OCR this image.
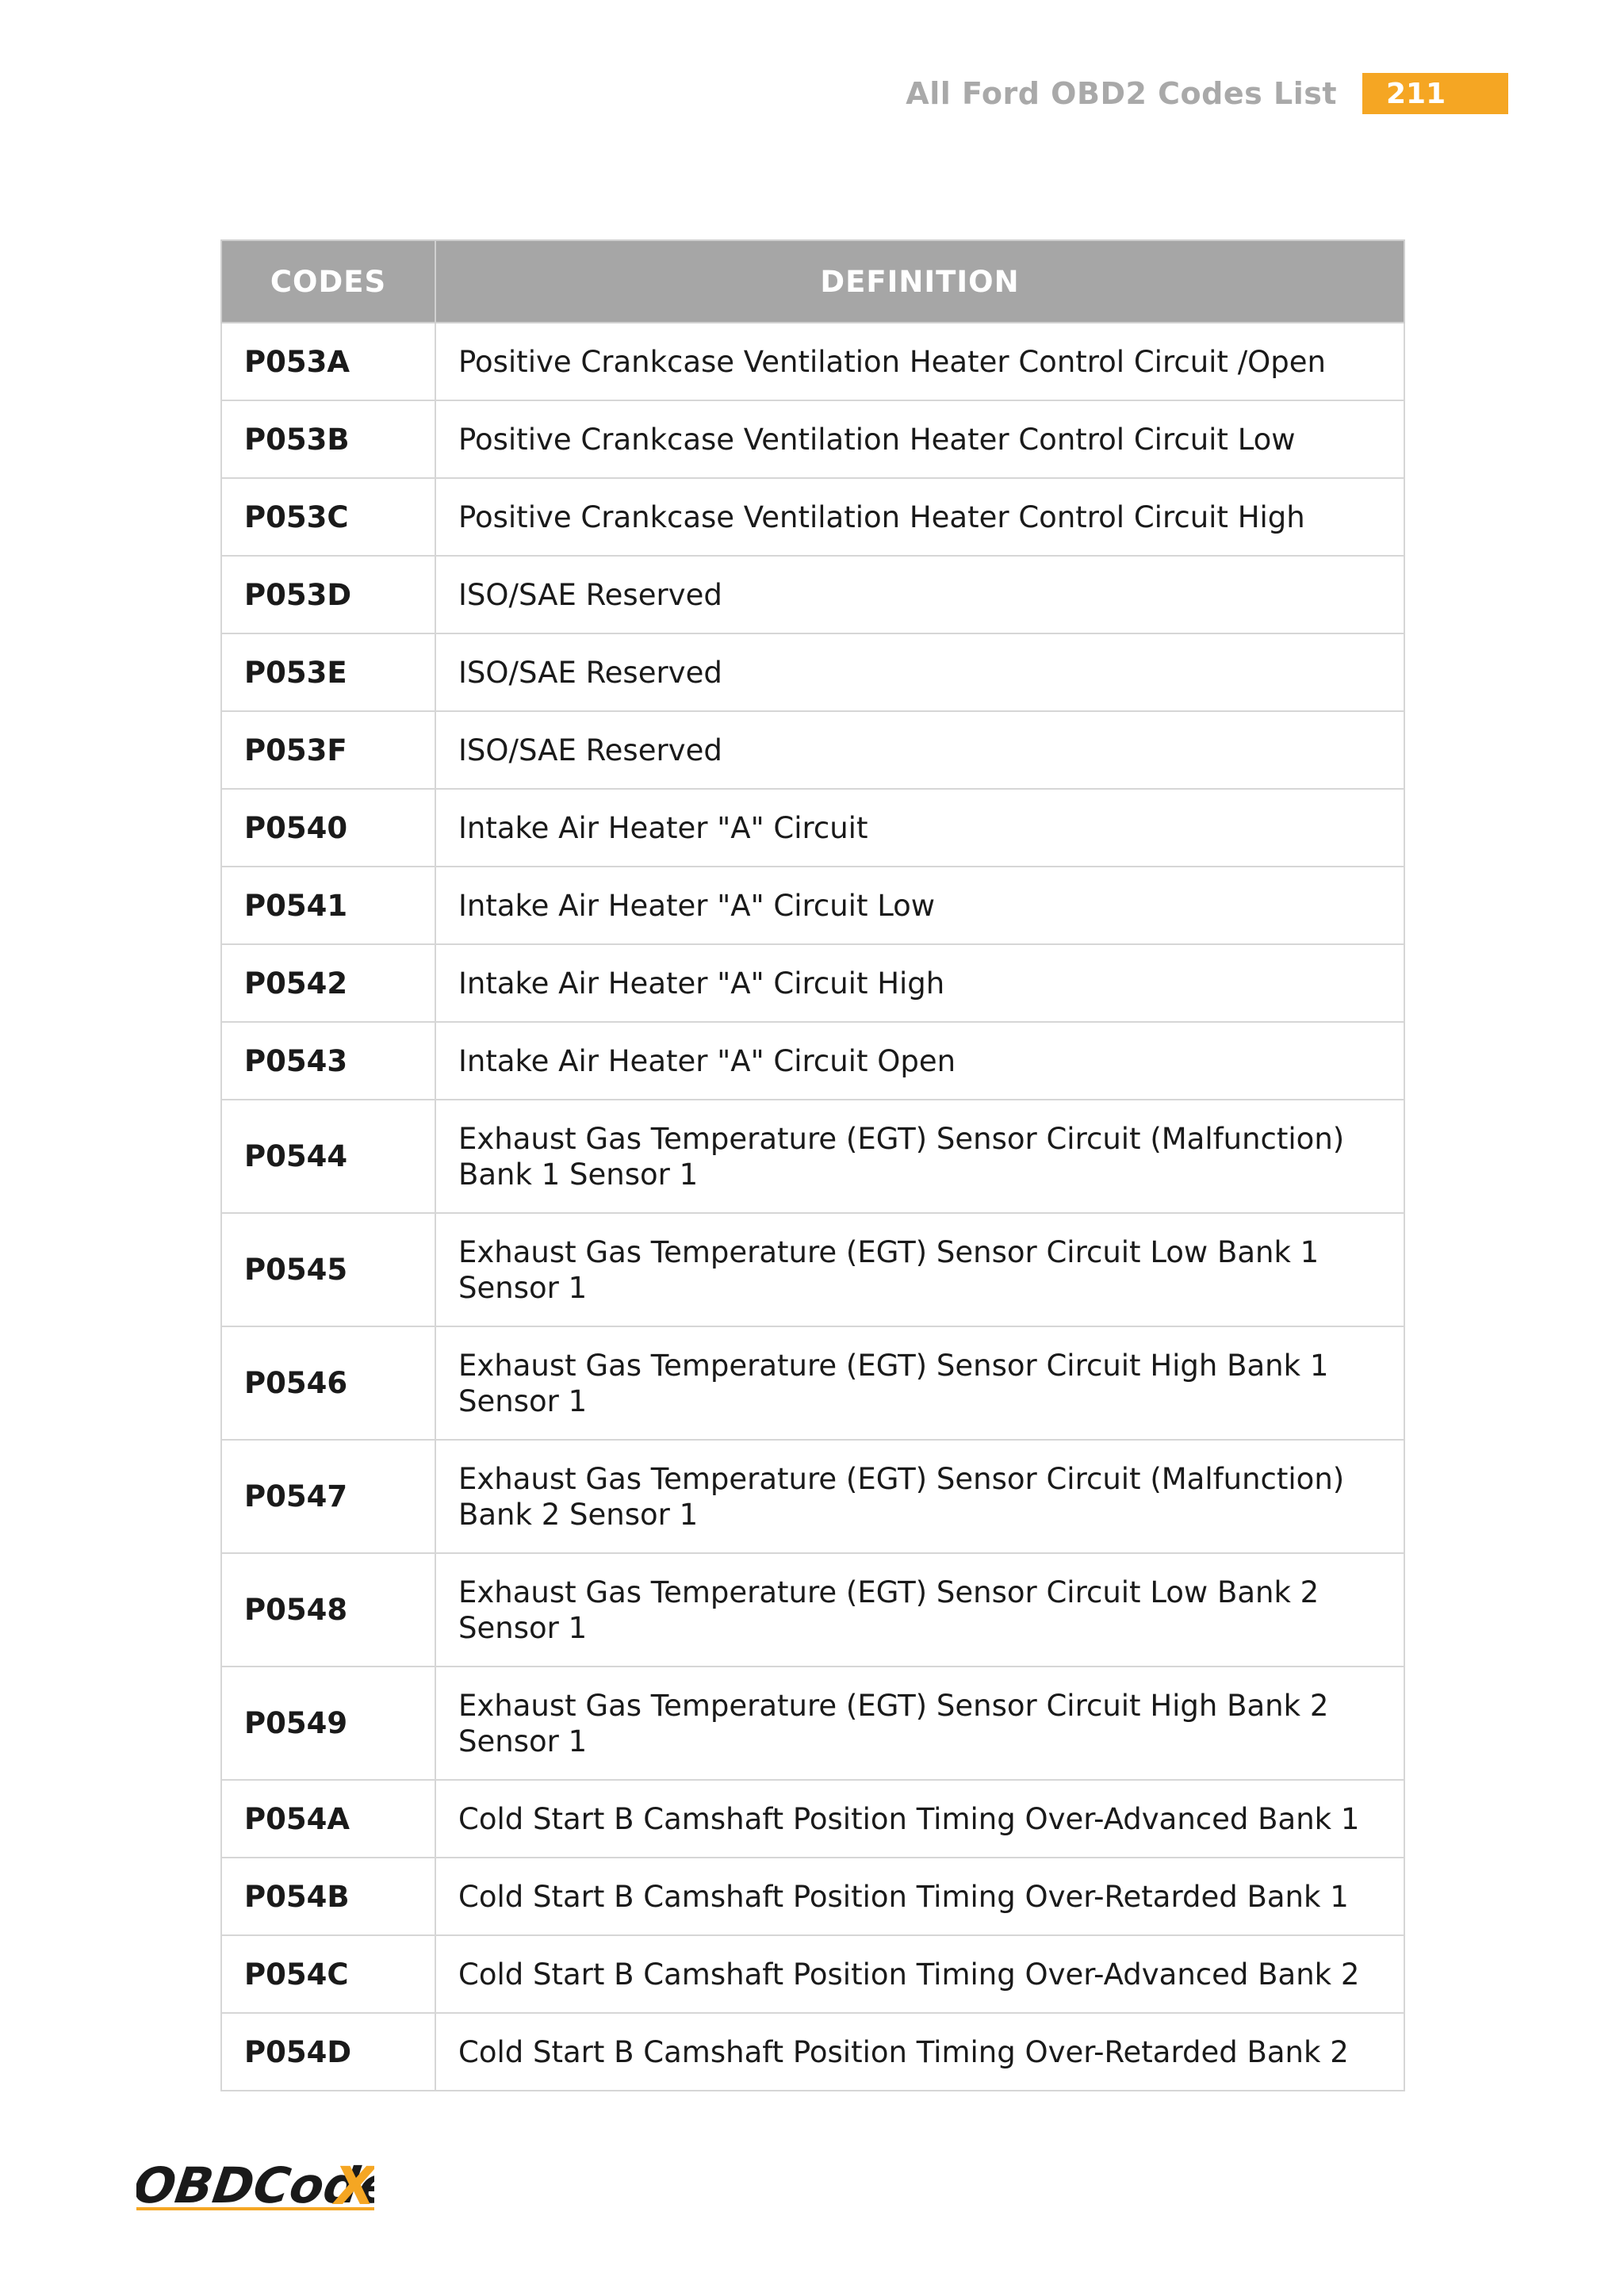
All Ford OBD2 Codes List	211
CODES	DEFINITION
P053A	Positive Crankcase Ventilation Heater Control Circuit /Open
P053B	Positive Crankcase Ventilation Heater Control Circuit Low
P053C	Positive Crankcase Ventilation Heater Control Circuit High
P053D	ISO/SAE Reserved
P053E	ISO/SAE Reserved
P053F	ISO/SAE Reserved
P0540	Intake Air Heater "A" Circuit
P0541	Intake Air Heater "A" Circuit Low
P0542	Intake Air Heater "A" Circuit High
P0543	Intake Air Heater "A" Circuit Open
P0544	Exhaust Gas Temperature (EGT) Sensor Circuit (Malfunction) Bank 1 Sensor 1
P0545	Exhaust Gas Temperature (EGT) Sensor Circuit Low Bank 1 Sensor 1
P0546	Exhaust Gas Temperature (EGT) Sensor Circuit High Bank 1 Sensor 1
P0547	Exhaust Gas Temperature (EGT) Sensor Circuit (Malfunction) Bank 2 Sensor 1
P0548	Exhaust Gas Temperature (EGT) Sensor Circuit Low Bank 2 Sensor 1
P0549	Exhaust Gas Temperature (EGT) Sensor Circuit High Bank 2 Sensor 1
P054A	Cold Start B Camshaft Position Timing Over-Advanced Bank 1
P054B	Cold Start B Camshaft Position Timing Over-Retarded Bank 1
P054C	Cold Start B Camshaft Position Timing Over-Advanced Bank 2
P054D	Cold Start B Camshaft Position Timing Over-Retarded Bank 2
OBDCode
X
